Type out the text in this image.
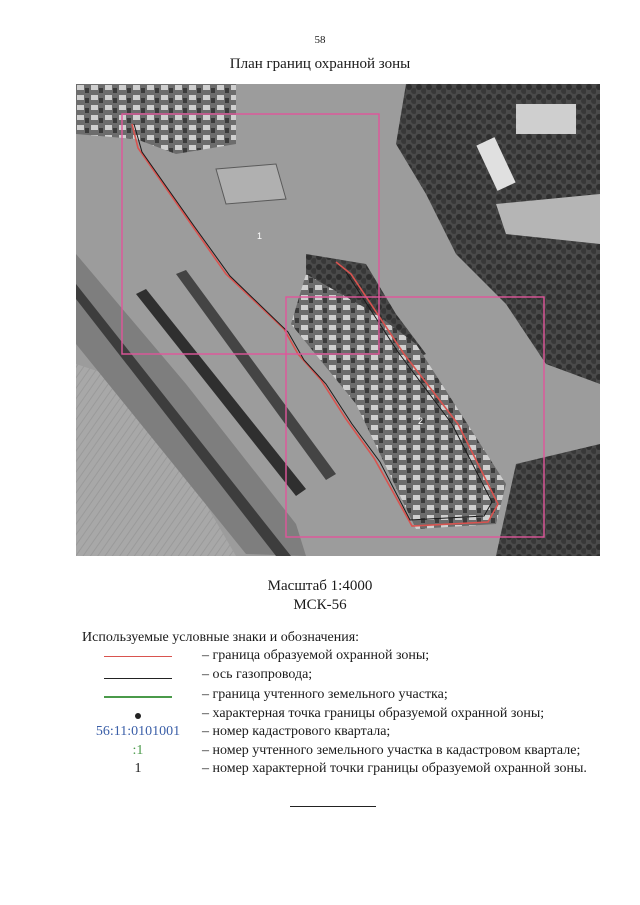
58
План границ охранной зоны
1
2
Масштаб 1:4000
МСК-56
Используемые условные знаки и обозначения:
– граница образуемой охранной зоны;
– ось газопровода;
– граница учтенного земельного участка;
– характерная точка границы образуемой охранной зоны;
56:11:0101001	– номер кадастрового квартала;
:1	– номер учтенного земельного участка в кадастровом квартале;
1	– номер характерной точки границы образуемой охранной зоны.
